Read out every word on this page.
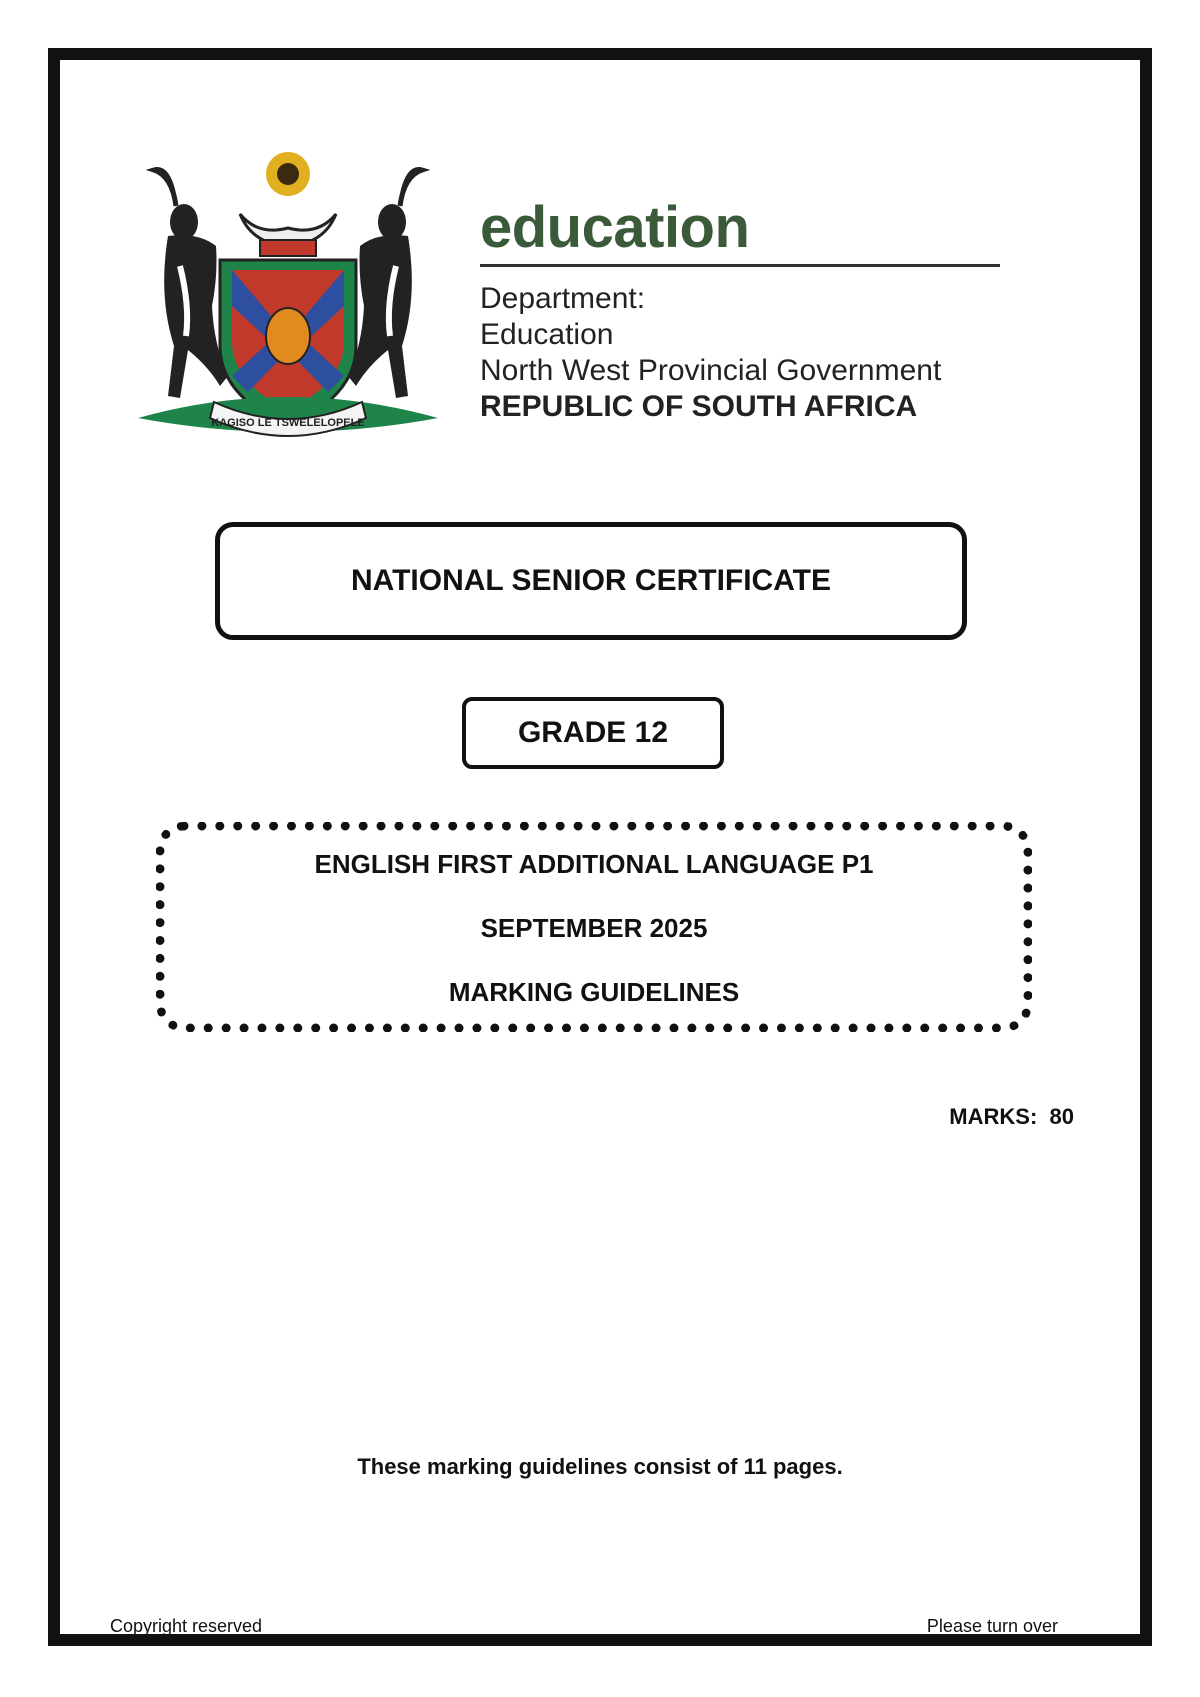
KAGISO LE TSWELELOPELE
education
Department:
Education
North West Provincial Government
REPUBLIC OF SOUTH AFRICA
NATIONAL SENIOR CERTIFICATE
GRADE 12
ENGLISH FIRST ADDITIONAL LANGUAGE P1
SEPTEMBER 2025
MARKING GUIDELINES
MARKS: 80
These marking guidelines consist of 11 pages.
Copyright reserved	Please turn over
